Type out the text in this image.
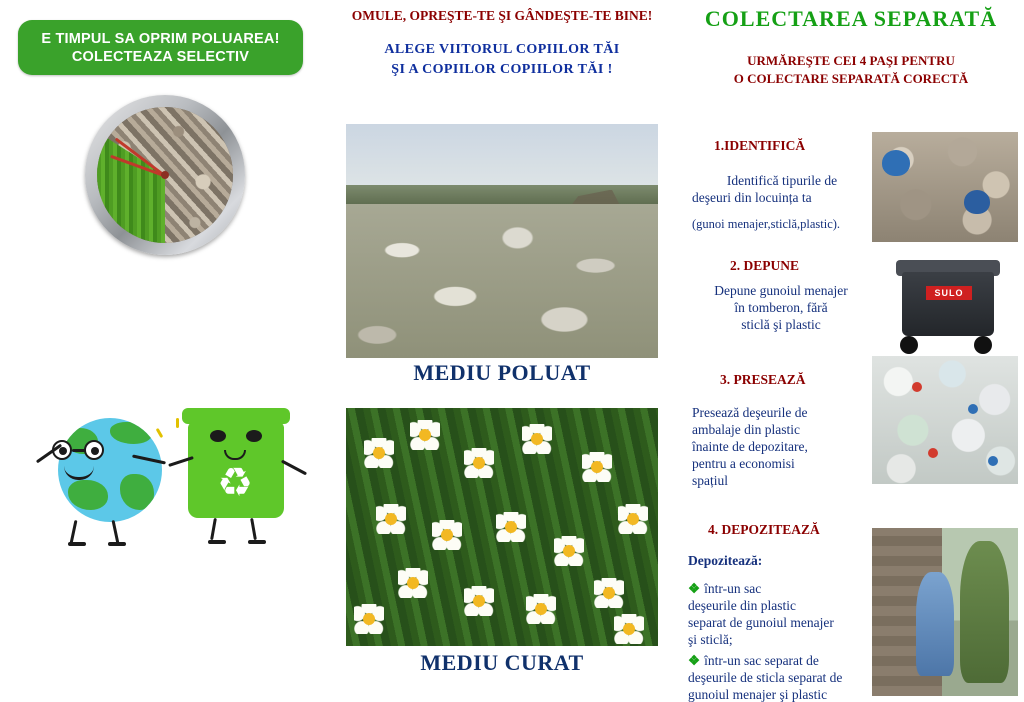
E TIMPUL SA OPRIM POLUAREA!
COLECTEAZA SELECTIV
♻
OMULE, OPREŞTE-TE ŞI GÂNDEŞTE-TE BINE!
ALEGE VIITORUL COPIILOR TĂI
ŞI A COPIILOR COPIILOR TĂI !
MEDIU POLUAT
MEDIU CURAT
COLECTAREA SEPARATĂ
URMĂREŞTE CEI 4 PAŞI PENTRU
O COLECTARE SEPARATĂ CORECTĂ
1.IDENTIFICĂ
Identifică tipurile de
deşeuri din locuința ta
(gunoi menajer,sticlă,plastic).
2. DEPUNE
Depune gunoiul menajer
în tomberon, fără
sticlă şi plastic
SULO
3. PRESEAZĂ
Presează deşeurile de
ambalaje din plastic
înainte de depozitare,
pentru a economisi
spațiul
4. DEPOZITEAZĂ
Depozitează:
❖ într-un sac
deşeurile din plastic
separat de gunoiul menajer
şi sticlă;
❖ într-un sac separat de
deşeurile de sticla separat de
gunoiul menajer şi plastic
